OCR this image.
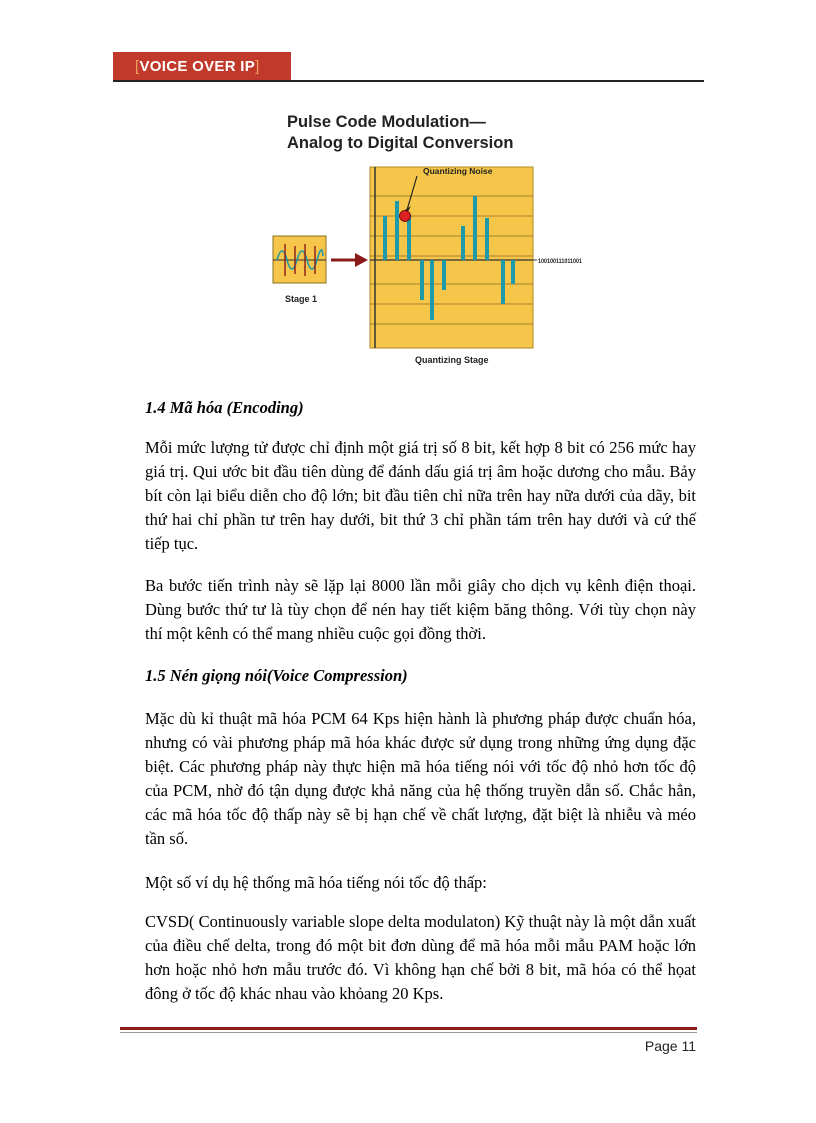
[ VOICE OVER IP ]
Quantizing Noise
100100111011001
Stage 1
Quantizing Stage
Pulse Code Modulation—
Analog to Digital Conversion

1.4 Mã hóa (Encoding)

Mỗi mức lượng tử được chỉ định một giá trị số 8 bit, kết hợp 8 bit có 256 mức hay giá trị. Qui ước bit đầu tiên dùng để đánh dấu giá trị âm hoặc dương cho mẫu. Bảy bít còn lại biểu diễn cho độ lớn; bit đầu tiên chỉ nữa trên hay nữa dưới của dãy, bit thứ hai chỉ phần tư trên hay dưới, bit thứ 3 chỉ phần tám trên hay dưới và cứ thế tiếp tục.

Ba bước tiến trình này sẽ lặp lại 8000 lần mỗi giây cho dịch vụ kênh điện thoại. Dùng bước thứ tư là tùy chọn để nén hay tiết kiệm băng thông. Với tùy chọn này thí một kênh có thể mang nhiều cuộc gọi đồng thời.

1.5 Nén giọng nói(Voice Compression)

Mặc dù kỉ thuật mã hóa PCM 64 Kps hiện hành là phương pháp được chuẩn hóa, nhưng có vài phương pháp mã hóa khác được sử dụng trong những ứng dụng đặc biệt. Các phương pháp này thực hiện mã hóa tiếng nói với tốc độ nhỏ hơn tốc độ của PCM, nhờ đó tận dụng được khả năng của hệ thống truyền dẫn số. Chắc hẳn, các mã hóa tốc độ thấp này sẽ bị hạn chế về chất lượng, đặt biệt là nhiễu và méo tần số.

Một số ví dụ hệ thống mã hóa tiếng nói tốc độ thấp:

CVSD( Continuously variable slope delta modulaton) Kỹ thuật này là một dẫn xuất của điều chế delta, trong đó một bit đơn dùng để mã hóa mỗi mẫu PAM hoặc lớn hơn hoặc nhỏ hơn mẫu trước đó. Vì không hạn chế bởi 8 bit, mã hóa có thể họat đông ở tốc độ khác nhau vào khỏang 20 Kps.

Page 11
